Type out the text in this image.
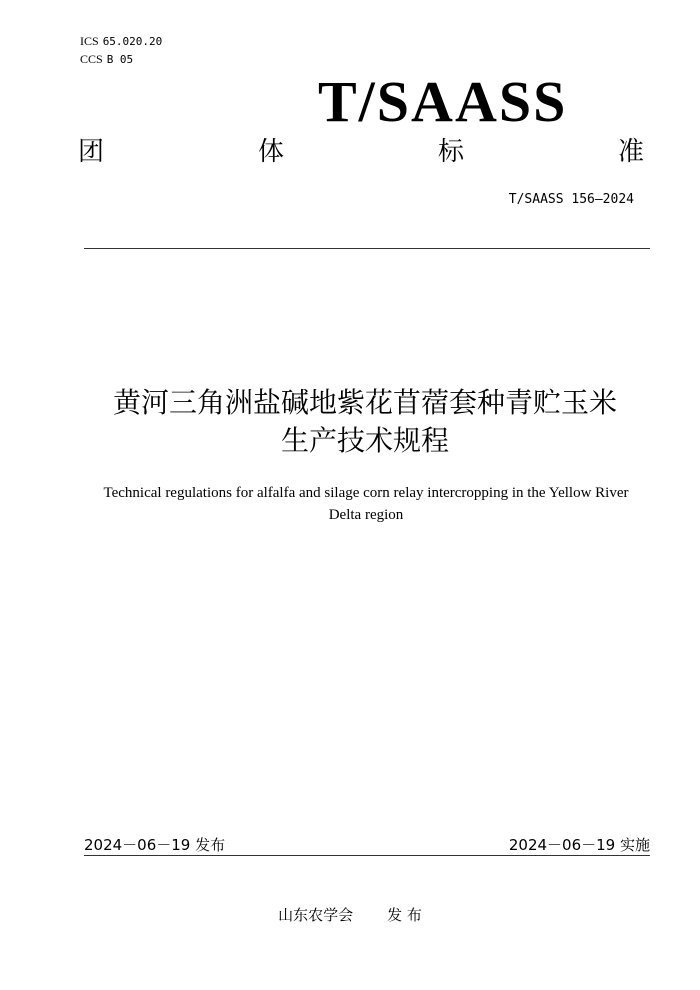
ICS 65.020.20
CCS B 05
T/SAASS
团	体	标	准
T/SAASS 156—2024
黄河三角洲盐碱地紫花苜蓿套种青贮玉米
生产技术规程
Technical regulations for alfalfa and silage corn relay intercropping in the Yellow River Delta region
2024－06－19 发布	2024－06－19 实施
山东农学会 发 布
